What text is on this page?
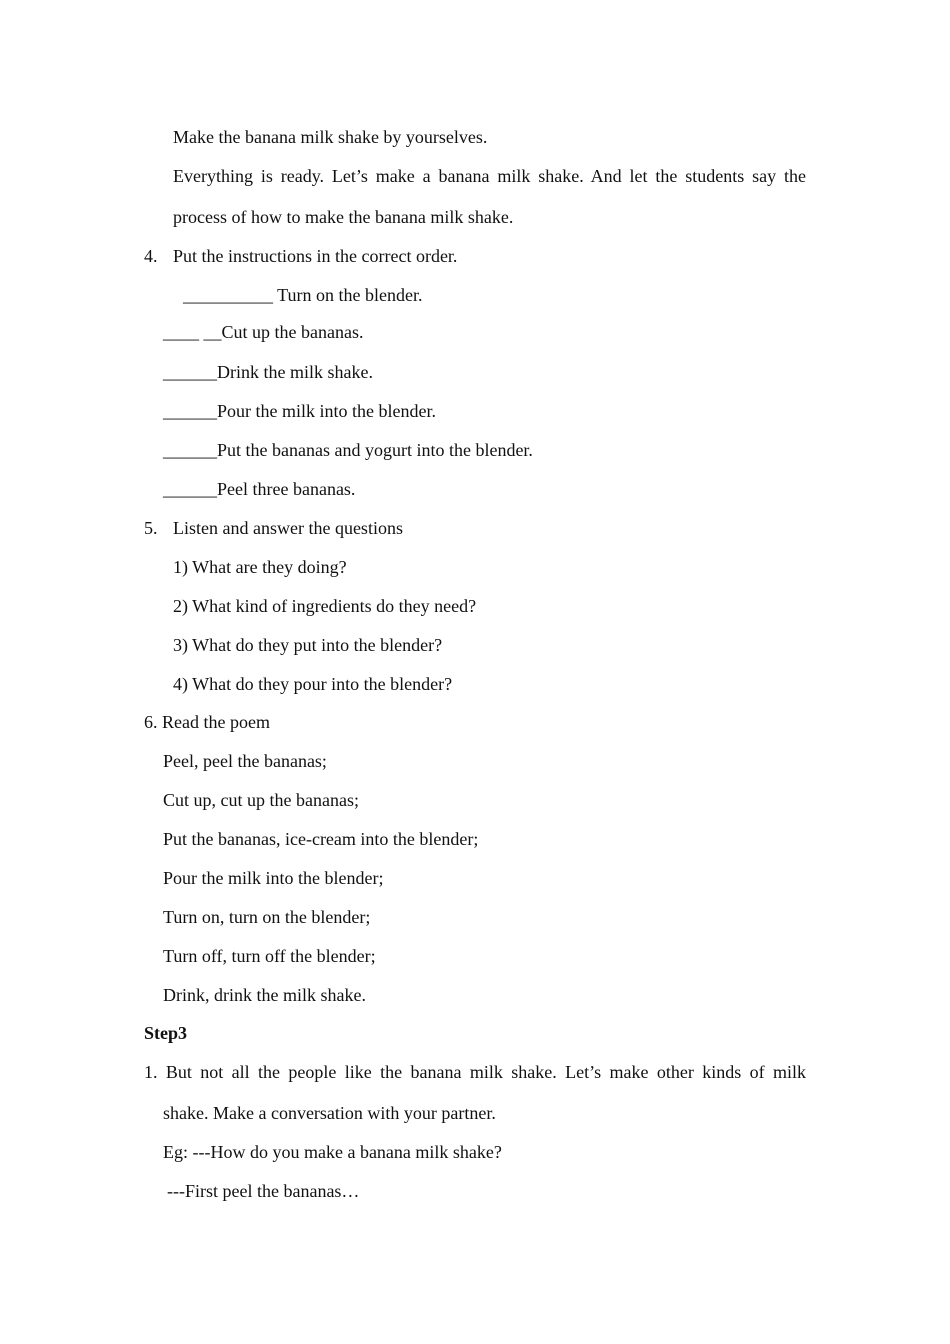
Make the banana milk shake by yourselves.
Everything is ready. Let’s make a banana milk shake. And let the students say the
process of how to make the banana milk shake.
4. Put the instructions in the correct order.
__________ Turn on the blender.
____ __Cut up the bananas.
______Drink the milk shake.
______Pour the milk into the blender.
______Put the bananas and yogurt into the blender.
______Peel three bananas.
5. Listen and answer the questions
1) What are they doing?
2) What kind of ingredients do they need?
3) What do they put into the blender?
4) What do they pour into the blender?
6. Read the poem
Peel, peel the bananas;
Cut up, cut up the bananas;
Put the bananas, ice-cream into the blender;
Pour the milk into the blender;
Turn on, turn on the blender;
Turn off, turn off the blender;
Drink, drink the milk shake.
Step3
1. But not all the people like the banana milk shake. Let’s make other kinds of milk
shake. Make a conversation with your partner.
Eg: ---How do you make a banana milk shake?
---First peel the bananas…
